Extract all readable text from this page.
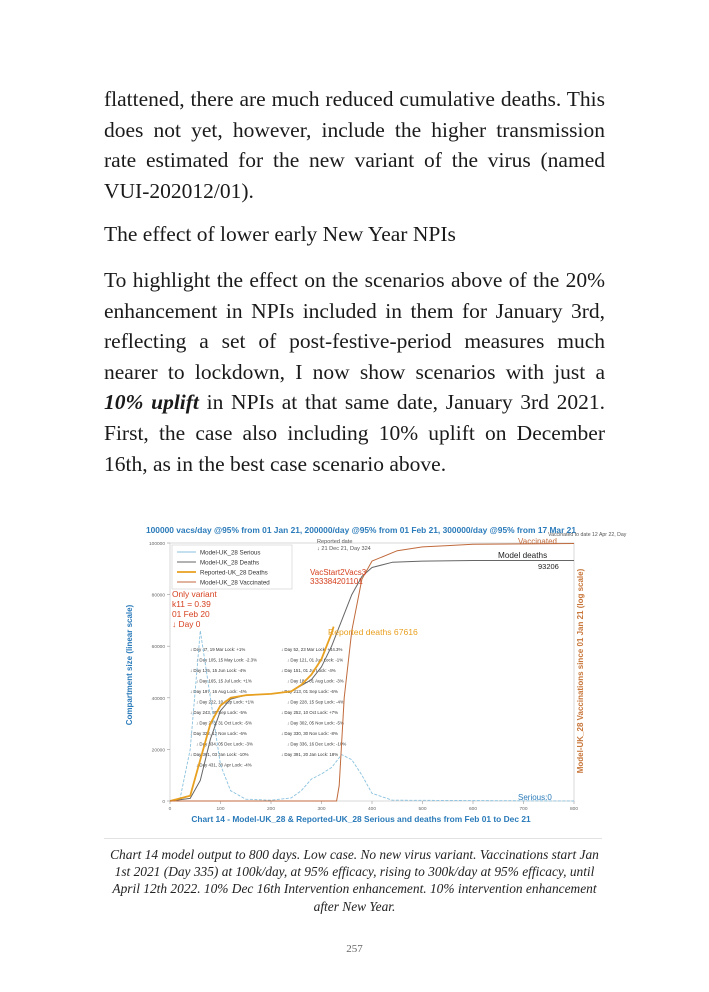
flattened, there are much reduced cumulative deaths. This does not yet, however, include the higher transmission rate estimated for the new variant of the virus (named VUI-202012/01).

The effect of lower early New Year NPIs

To highlight the effect on the scenarios above of the 20% enhancement in NPIs included in them for January 3rd, reflecting a set of post-festive-period measures much nearer to lockdown, I now show scenarios with just a 10% uplift in NPIs at that same date, January 3rd 2021. First, the case also including 10% uplift on December 16th, as in the best case scenario above.

100000 vacs/day @95% from 01 Jan 21, 200000/day @95% from 01 Feb 21, 300000/day @95% from 17 Mar 21
Chart 14 - Model-UK_28 & Reported-UK_28 Serious and deaths from Feb 01 to Dec 21
Compartment size (linear scale)	Model-UK_28 Vaccinations since 01 Jan 21 (log scale)
100000
80000
60000
40000
20000
0
0	100	200	300	400	500	600	700	800
↓ Day 47, 19 Mar Lock: +1%	↓ Day 52, 23 Mar Lock: +44.3%
↓ Day 105, 15 May Lock: -2.3%	↓ Day 121, 01 Jun Lock: -1%
↓ Day 135, 15 Jun Lock: -4%	↓ Day 151, 01 Jul Lock: -4%
↓ Day 165, 15 Jul Lock: +1%	↓ Day 182, 01 Aug Lock: -3%
↓ Day 197, 16 Aug Lock: -4%	↓ Day 213, 01 Sep Lock: -6%
↓ Day 222, 10 Sep Lock: +1%	↓ Day 228, 15 Sep Lock: -4%
↓ Day 243, 30 Sep Lock: -5%	↓ Day 252, 10 Oct Lock: +7%
↓ Day 273, 31 Oct Lock: -5%	↓ Day 302, 05 Nov Lock: -5%
↓ Day 322, 12 Nov Lock: -6%	↓ Day 330, 30 Nov Lock: -8%
↓ Day 334, 05 Dec Lock: -3%	↓ Day 336, 16 Dec Lock: -10%
↓ Day 361, 03 Jan Lock: -10%	↓ Day 391, 20 Jan Lock: 18%
↓ Day 431, 30 Apr Lock: -4%
Model-UK_28 Serious
Model-UK_28 Deaths
Reported-UK_28 Deaths
Model-UK_28 Vaccinated
Only variant
k11 = 0.39
01 Feb 20
↓ Day 0
Reported date
↓ 21 Dec 21, Day 324
Vaccinated
Vaccinated to date 12 Apr 22, Day
Model deaths
93206
VacStart2Vacs3
333384201101
Reported deaths 67616
Serious:0

Chart 14 model output to 800 days. Low case. No new virus variant. Vaccinations start Jan 1st 2021 (Day 335) at 100k/day, at 95% efficacy, rising to 300k/day at 95% efficacy, until April 12th 2022. 10% Dec 16th Intervention enhancement. 10% intervention enhancement after New Year.

257
